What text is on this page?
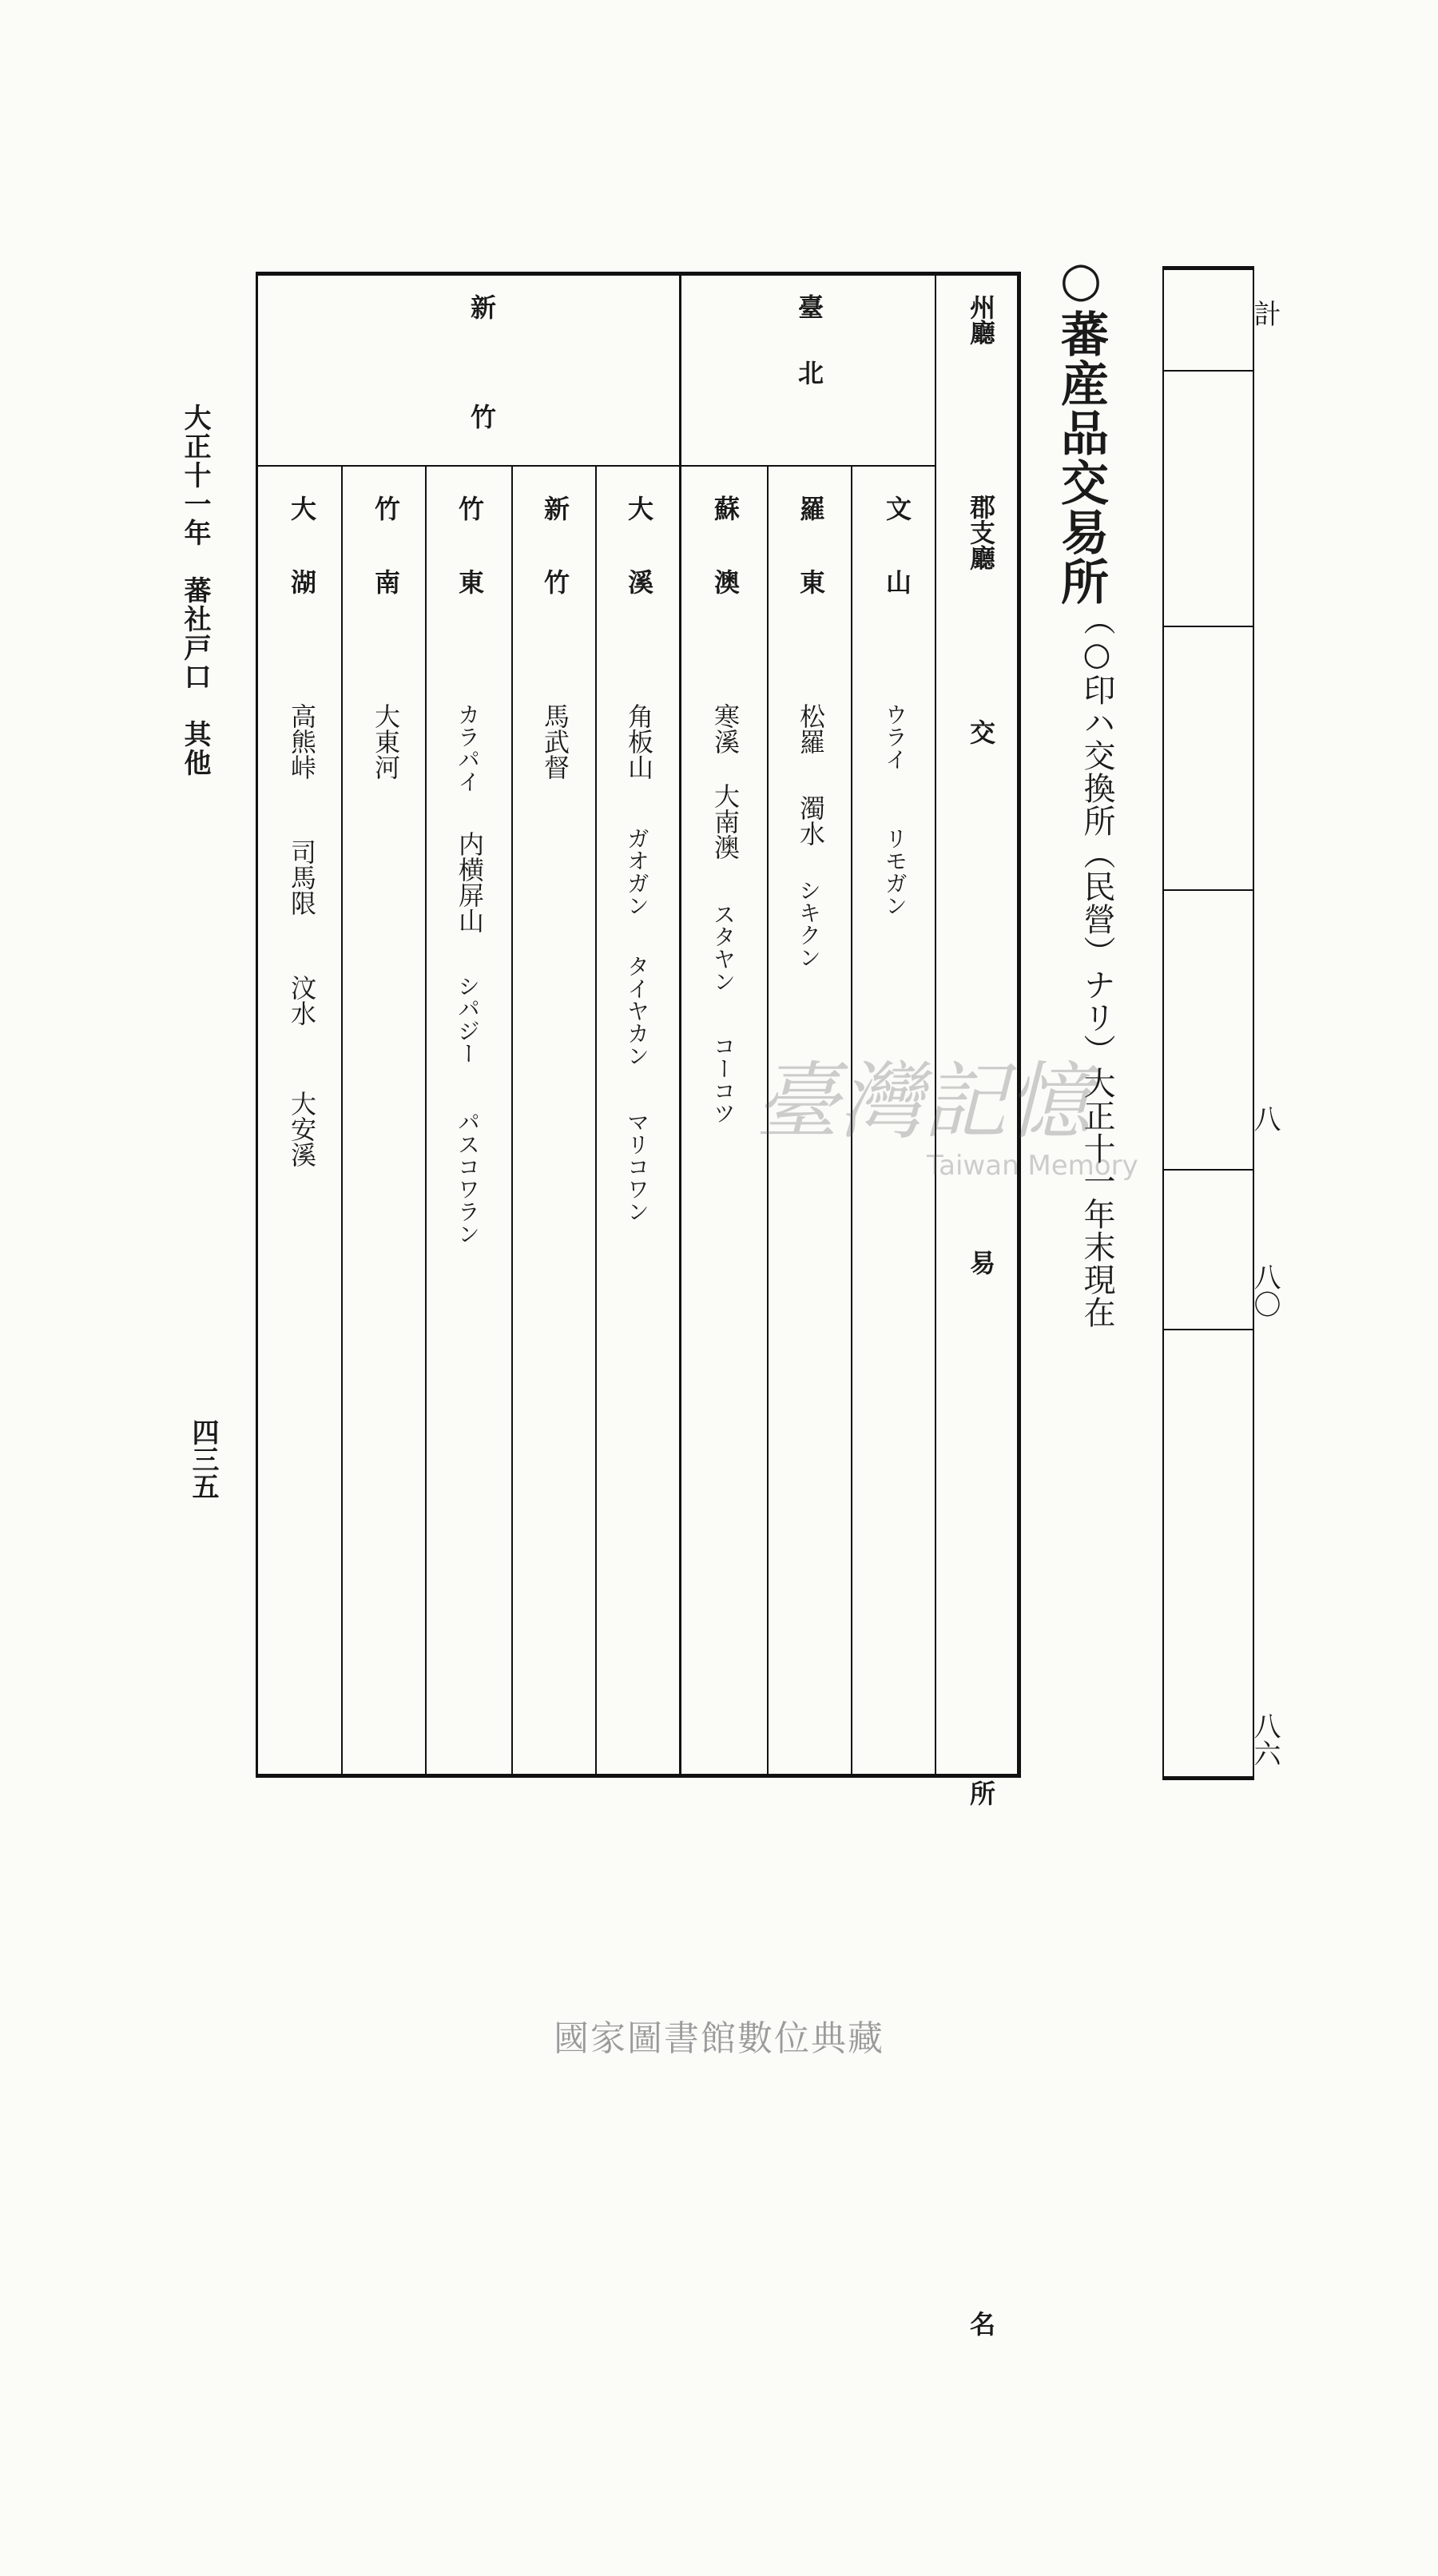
大正十一年　蕃社戸口　其他
四三五
計
八
八〇
八六
○蕃産品交易所
（○印ハ交換所（民營）ナリ）大正十一年末現在
州廳
郡支廳
交　易　所　名
臺北
新竹
文山
ウライ
リモガン
羅東
松羅
濁水
シキクン
蘇澳
寒溪
大南澳
スタヤン
コーコツ
大溪
角板山
ガオガン
タイヤカン
マリコワン
新竹
馬武督
竹東
カラパイ
内横屏山
シパジー
パスコワラン
竹南
大東河
大湖
高熊峠
司馬限
汶水
大安溪	臺灣記憶
Taiwan Memory
國家圖書館數位典藏
